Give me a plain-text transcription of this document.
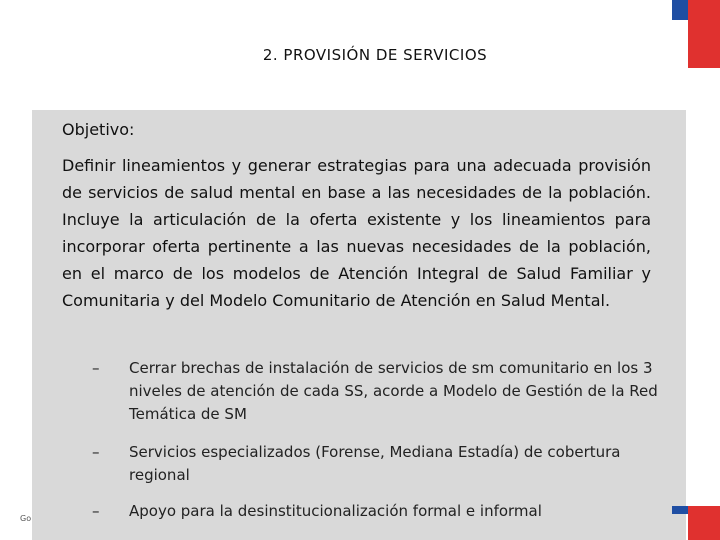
2. PROVISIÓN DE SERVICIOS
Objetivo:
Definir lineamientos y generar estrategias para una adecuada provisión de servicios de salud mental en base a las necesidades de la población. Incluye la articulación de la oferta existente y los lineamientos para incorporar oferta pertinente a las nuevas necesidades de la población, en el marco de los modelos de Atención Integral de Salud Familiar y Comunitaria y del Modelo Comunitario de Atención en Salud Mental.
–	Cerrar brechas de instalación de servicios de sm comunitario en los 3 niveles de atención de cada SS, acorde a Modelo de Gestión de la Red Temática de SM
–	Servicios especializados (Forense, Mediana Estadía) de cobertura regional
–	Apoyo para la desinstitucionalización formal e informal
Go
